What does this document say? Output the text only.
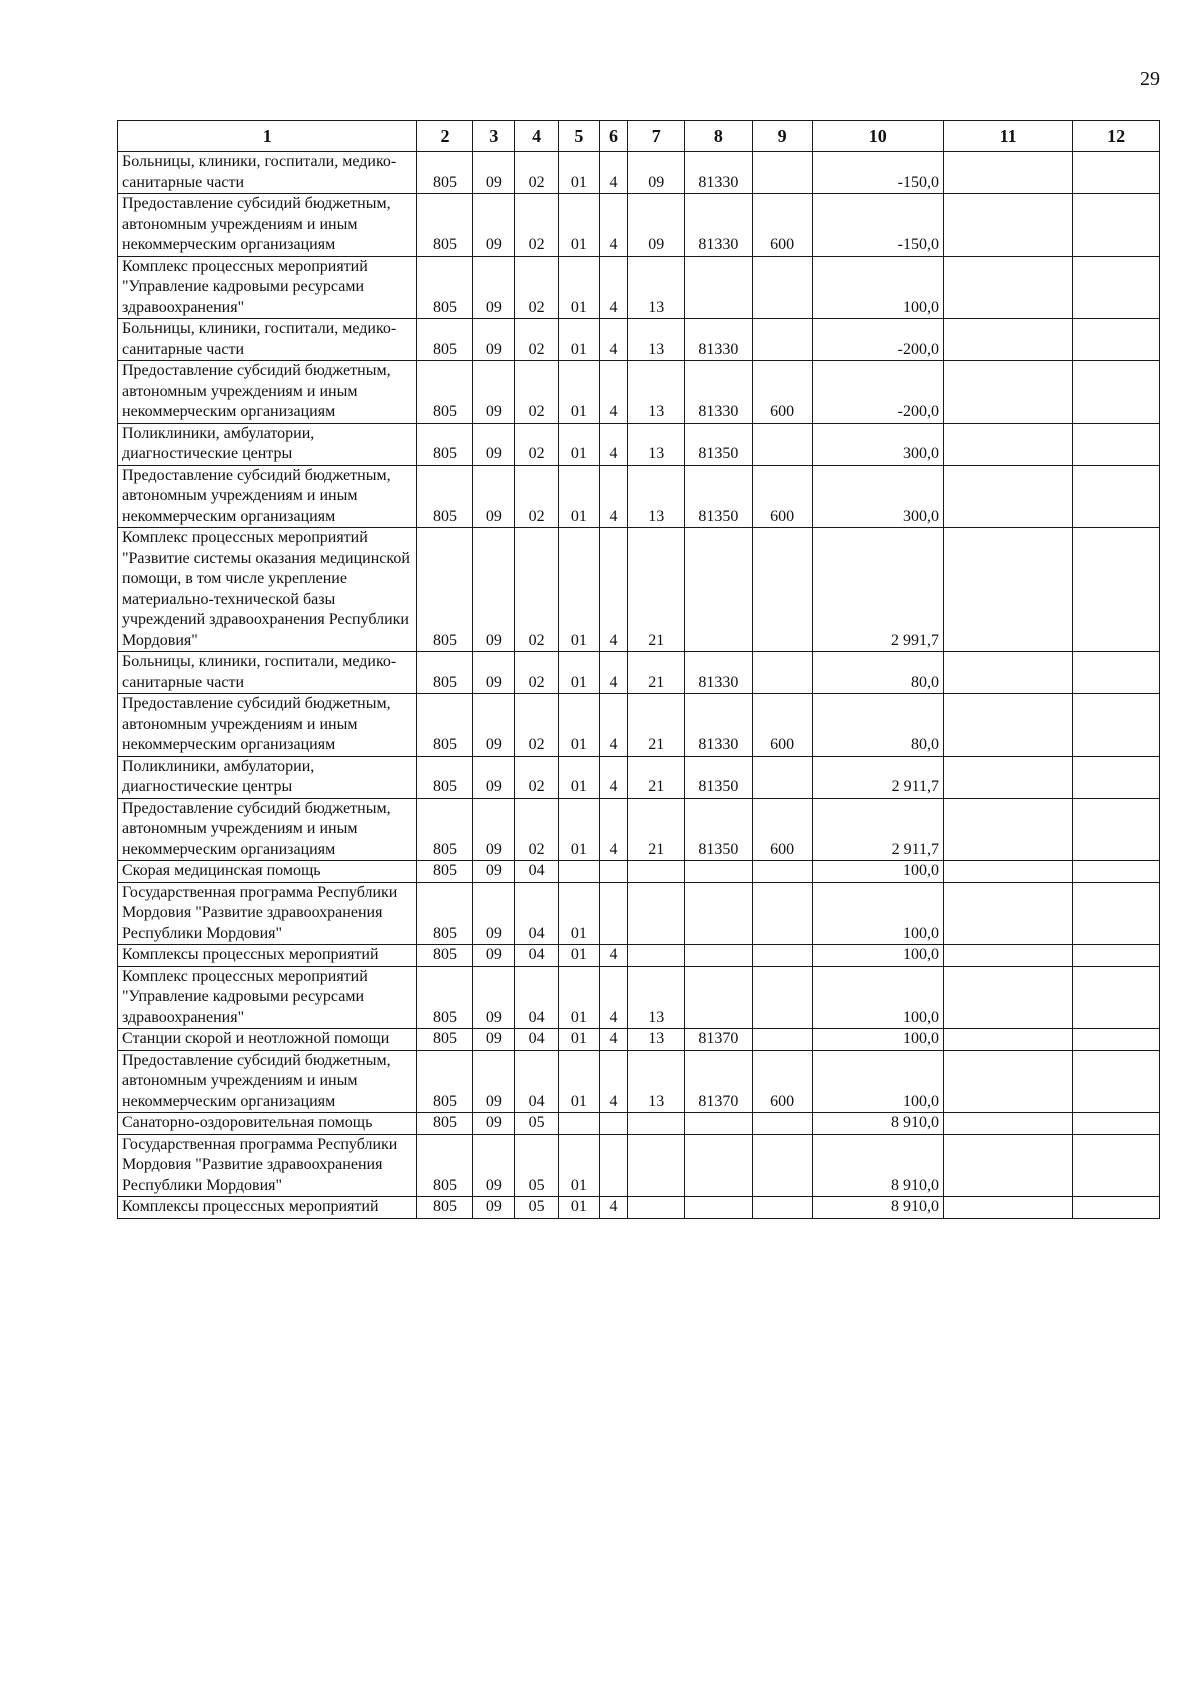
29
1	2	3	4	5	6	7	8	9	10	11	12
Больницы, клиники, госпитали, медико-санитарные части	805	09	02	01	4	09	81330		-150,0		
Предоставление субсидий бюджетным, автономным учреждениям и иным некоммерческим организациям	805	09	02	01	4	09	81330	600	-150,0		
Комплекс процессных мероприятий "Управление кадровыми ресурсами здравоохранения"	805	09	02	01	4	13			100,0		
Больницы, клиники, госпитали, медико-санитарные части	805	09	02	01	4	13	81330		-200,0		
Предоставление субсидий бюджетным, автономным учреждениям и иным некоммерческим организациям	805	09	02	01	4	13	81330	600	-200,0		
Поликлиники, амбулатории, диагностические центры	805	09	02	01	4	13	81350		300,0		
Предоставление субсидий бюджетным, автономным учреждениям и иным некоммерческим организациям	805	09	02	01	4	13	81350	600	300,0		
Комплекс процессных мероприятий "Развитие системы оказания медицинской помощи, в том числе укрепление материально-технической базы учреждений здравоохранения Республики Мордовия"	805	09	02	01	4	21			2 991,7		
Больницы, клиники, госпитали, медико-санитарные части	805	09	02	01	4	21	81330		80,0		
Предоставление субсидий бюджетным, автономным учреждениям и иным некоммерческим организациям	805	09	02	01	4	21	81330	600	80,0		
Поликлиники, амбулатории, диагностические центры	805	09	02	01	4	21	81350		2 911,7		
Предоставление субсидий бюджетным, автономным учреждениям и иным некоммерческим организациям	805	09	02	01	4	21	81350	600	2 911,7		
Скорая медицинская помощь	805	09	04						100,0		
Государственная программа Республики Мордовия "Развитие здравоохранения Республики Мордовия"	805	09	04	01					100,0		
Комплексы процессных мероприятий	805	09	04	01	4				100,0		
Комплекс процессных мероприятий "Управление кадровыми ресурсами здравоохранения"	805	09	04	01	4	13			100,0		
Станции скорой и неотложной помощи	805	09	04	01	4	13	81370		100,0		
Предоставление субсидий бюджетным, автономным учреждениям и иным некоммерческим организациям	805	09	04	01	4	13	81370	600	100,0		
Санаторно-оздоровительная помощь	805	09	05						8 910,0		
Государственная программа Республики Мордовия "Развитие здравоохранения Республики Мордовия"	805	09	05	01					8 910,0		
Комплексы процессных мероприятий	805	09	05	01	4				8 910,0		
